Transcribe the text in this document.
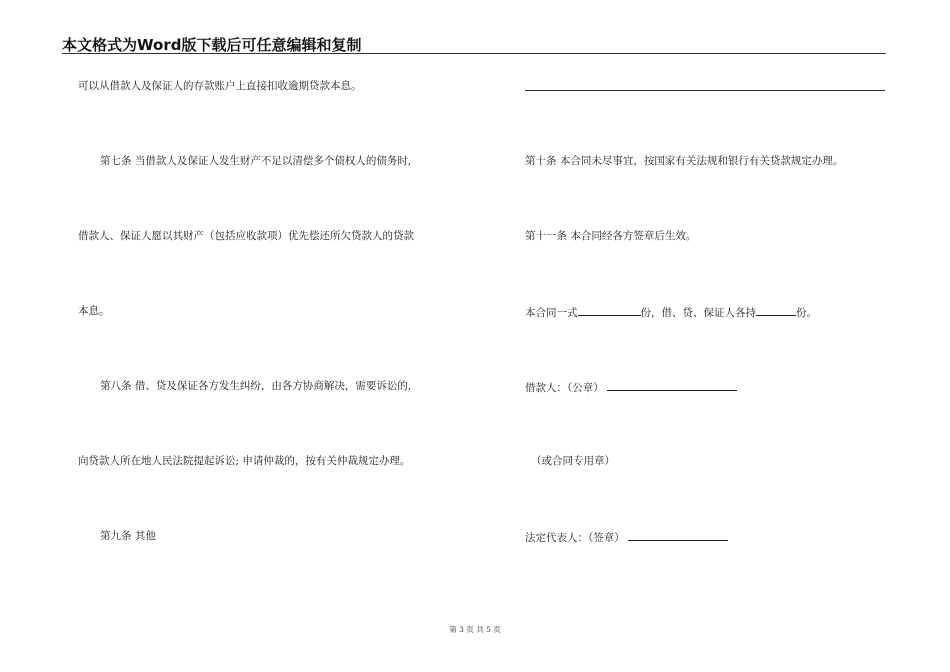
本文格式为Word版下载后可任意编辑和复制
可以从借款人及保证人的存款账户上直接扣收逾期贷款本息。
第七条 当借款人及保证人发生财产不足以清偿多个债权人的债务时,
借款人、保证人愿以其财产（包括应收款项）优先偿还所欠贷款人的贷款
本息。
第八条 借、贷及保证各方发生纠纷，由各方协商解决，需要诉讼的,
向贷款人所在地人民法院提起诉讼; 申请仲裁的，按有关仲裁规定办理。
第九条 其他
第十条 本合同未尽事宜，按国家有关法规和银行有关贷款规定办理。
第十一条 本合同经各方签章后生效。
本合同一式	份，借、贷、保证人各持	份。
借款人：（公章）
（或合同专用章）
法定代表人：（签章）
第 3 页 共 5 页
